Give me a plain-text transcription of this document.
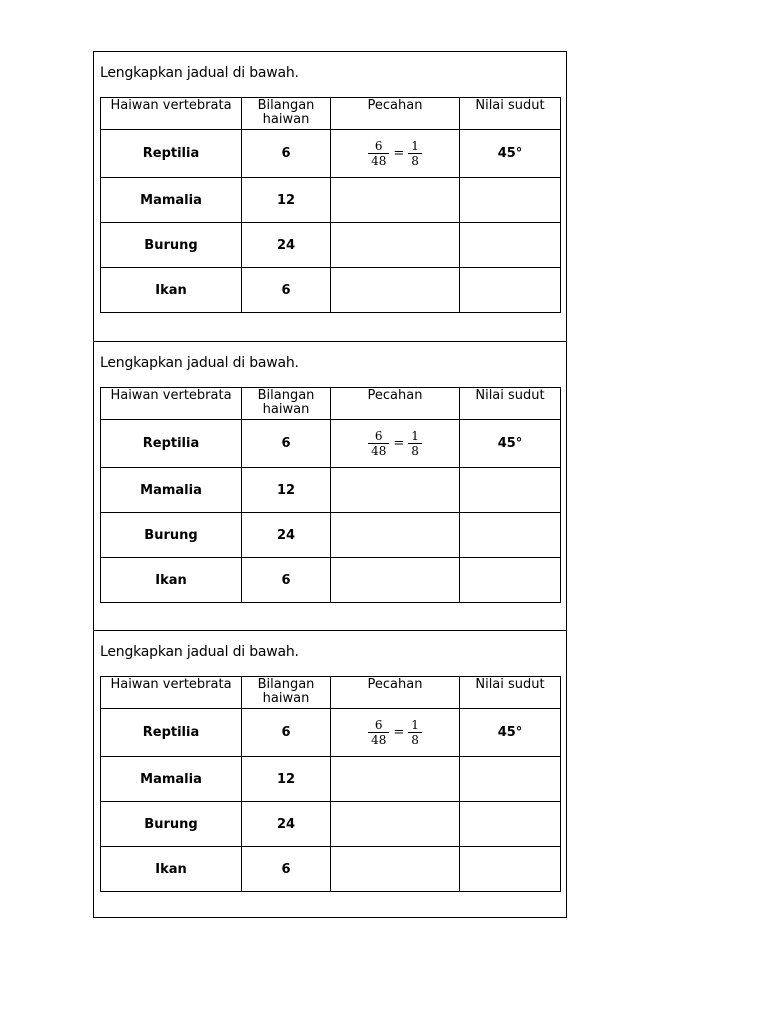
Lengkapkan jadual di bawah.
Haiwan vertebrata	Bilangan haiwan	Pecahan	Nilai sudut
Reptilia	6	$\frac{6}{48} = \frac{1}{8}$	45°
Mamalia	12		
Burung	24		
Ikan	6		
Lengkapkan jadual di bawah.
Haiwan vertebrata	Bilangan haiwan	Pecahan	Nilai sudut
Reptilia	6	$\frac{6}{48} = \frac{1}{8}$	45°
Mamalia	12		
Burung	24		
Ikan	6		
Lengkapkan jadual di bawah.
Haiwan vertebrata	Bilangan haiwan	Pecahan	Nilai sudut
Reptilia	6	$\frac{6}{48} = \frac{1}{8}$	45°
Mamalia	12		
Burung	24		
Ikan	6		
